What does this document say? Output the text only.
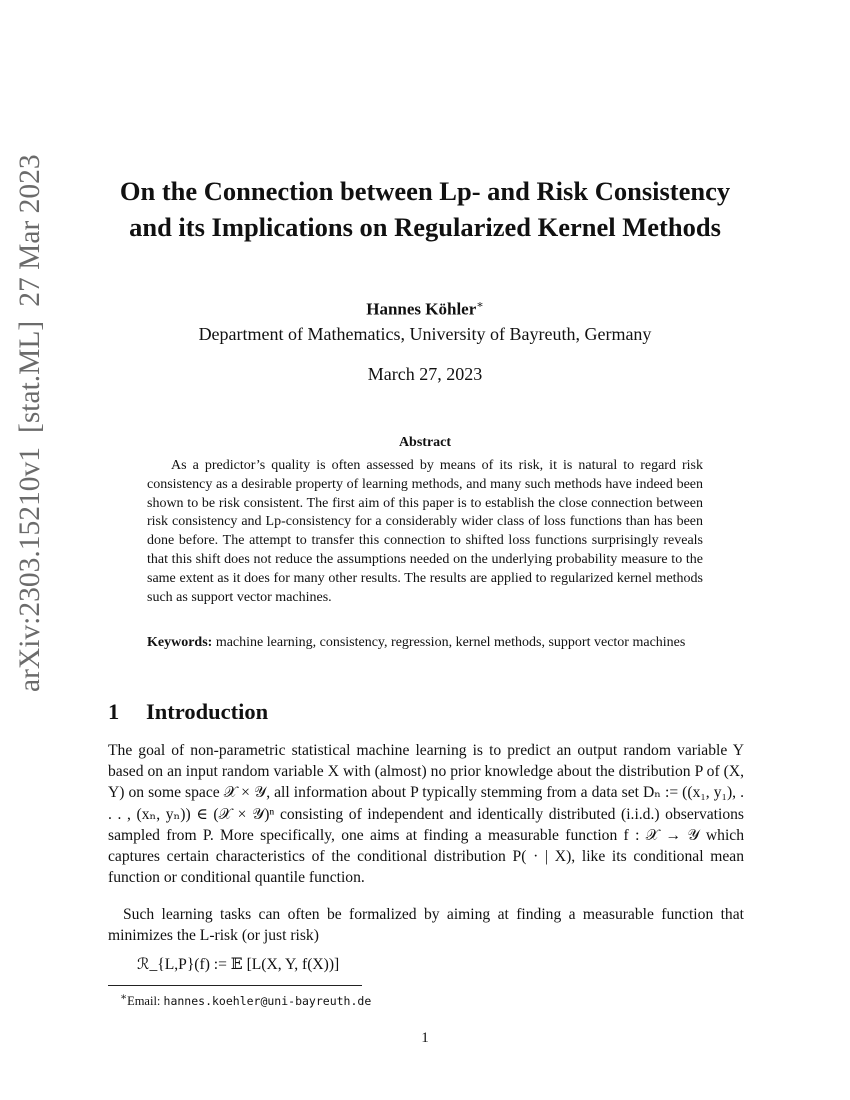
arXiv:2303.15210v1[stat.ML]27 Mar 2023	On the Connection between Lp- and Risk Consistency and its Implications on Regularized Kernel Methods

Hannes Köhler∗

Department of Mathematics, University of Bayreuth, Germany

March 27, 2023

Abstract

As a predictor’s quality is often assessed by means of its risk, it is natural to regard risk consistency as a desirable property of learning methods, and many such methods have indeed been shown to be risk consistent. The first aim of this paper is to establish the close connection between risk consistency and Lp-consistency for a considerably wider class of loss functions than has been done before. The attempt to transfer this connection to shifted loss functions surprisingly reveals that this shift does not reduce the assumptions needed on the underlying probability measure to the same extent as it does for many other results. The results are applied to regularized kernel methods such as support vector machines.

Keywords: machine learning, consistency, regression, kernel methods, support vector machines

1 Introduction

The goal of non-parametric statistical machine learning is to predict an output random variable Y based on an input random variable X with (almost) no prior knowledge about the distribution P of (X, Y) on some space 𝒳 × 𝒴, all information about P typically stemming from a data set Dₙ := ((x₁, y₁), . . . , (xₙ, yₙ)) ∈ (𝒳 × 𝒴)ⁿ consisting of independent and identically distributed (i.i.d.) observations sampled from P. More specifically, one aims at finding a measurable function f : 𝒳 → 𝒴 which captures certain characteristics of the conditional distribution P( · | X), like its conditional mean function or conditional quantile function.

Such learning tasks can often be formalized by aiming at finding a measurable function that minimizes the L-risk (or just risk)

ℛ_{L,P}(f) := 𝔼 [L(X, Y, f(X))]

∗Email: hannes.koehler@uni-bayreuth.de

1
